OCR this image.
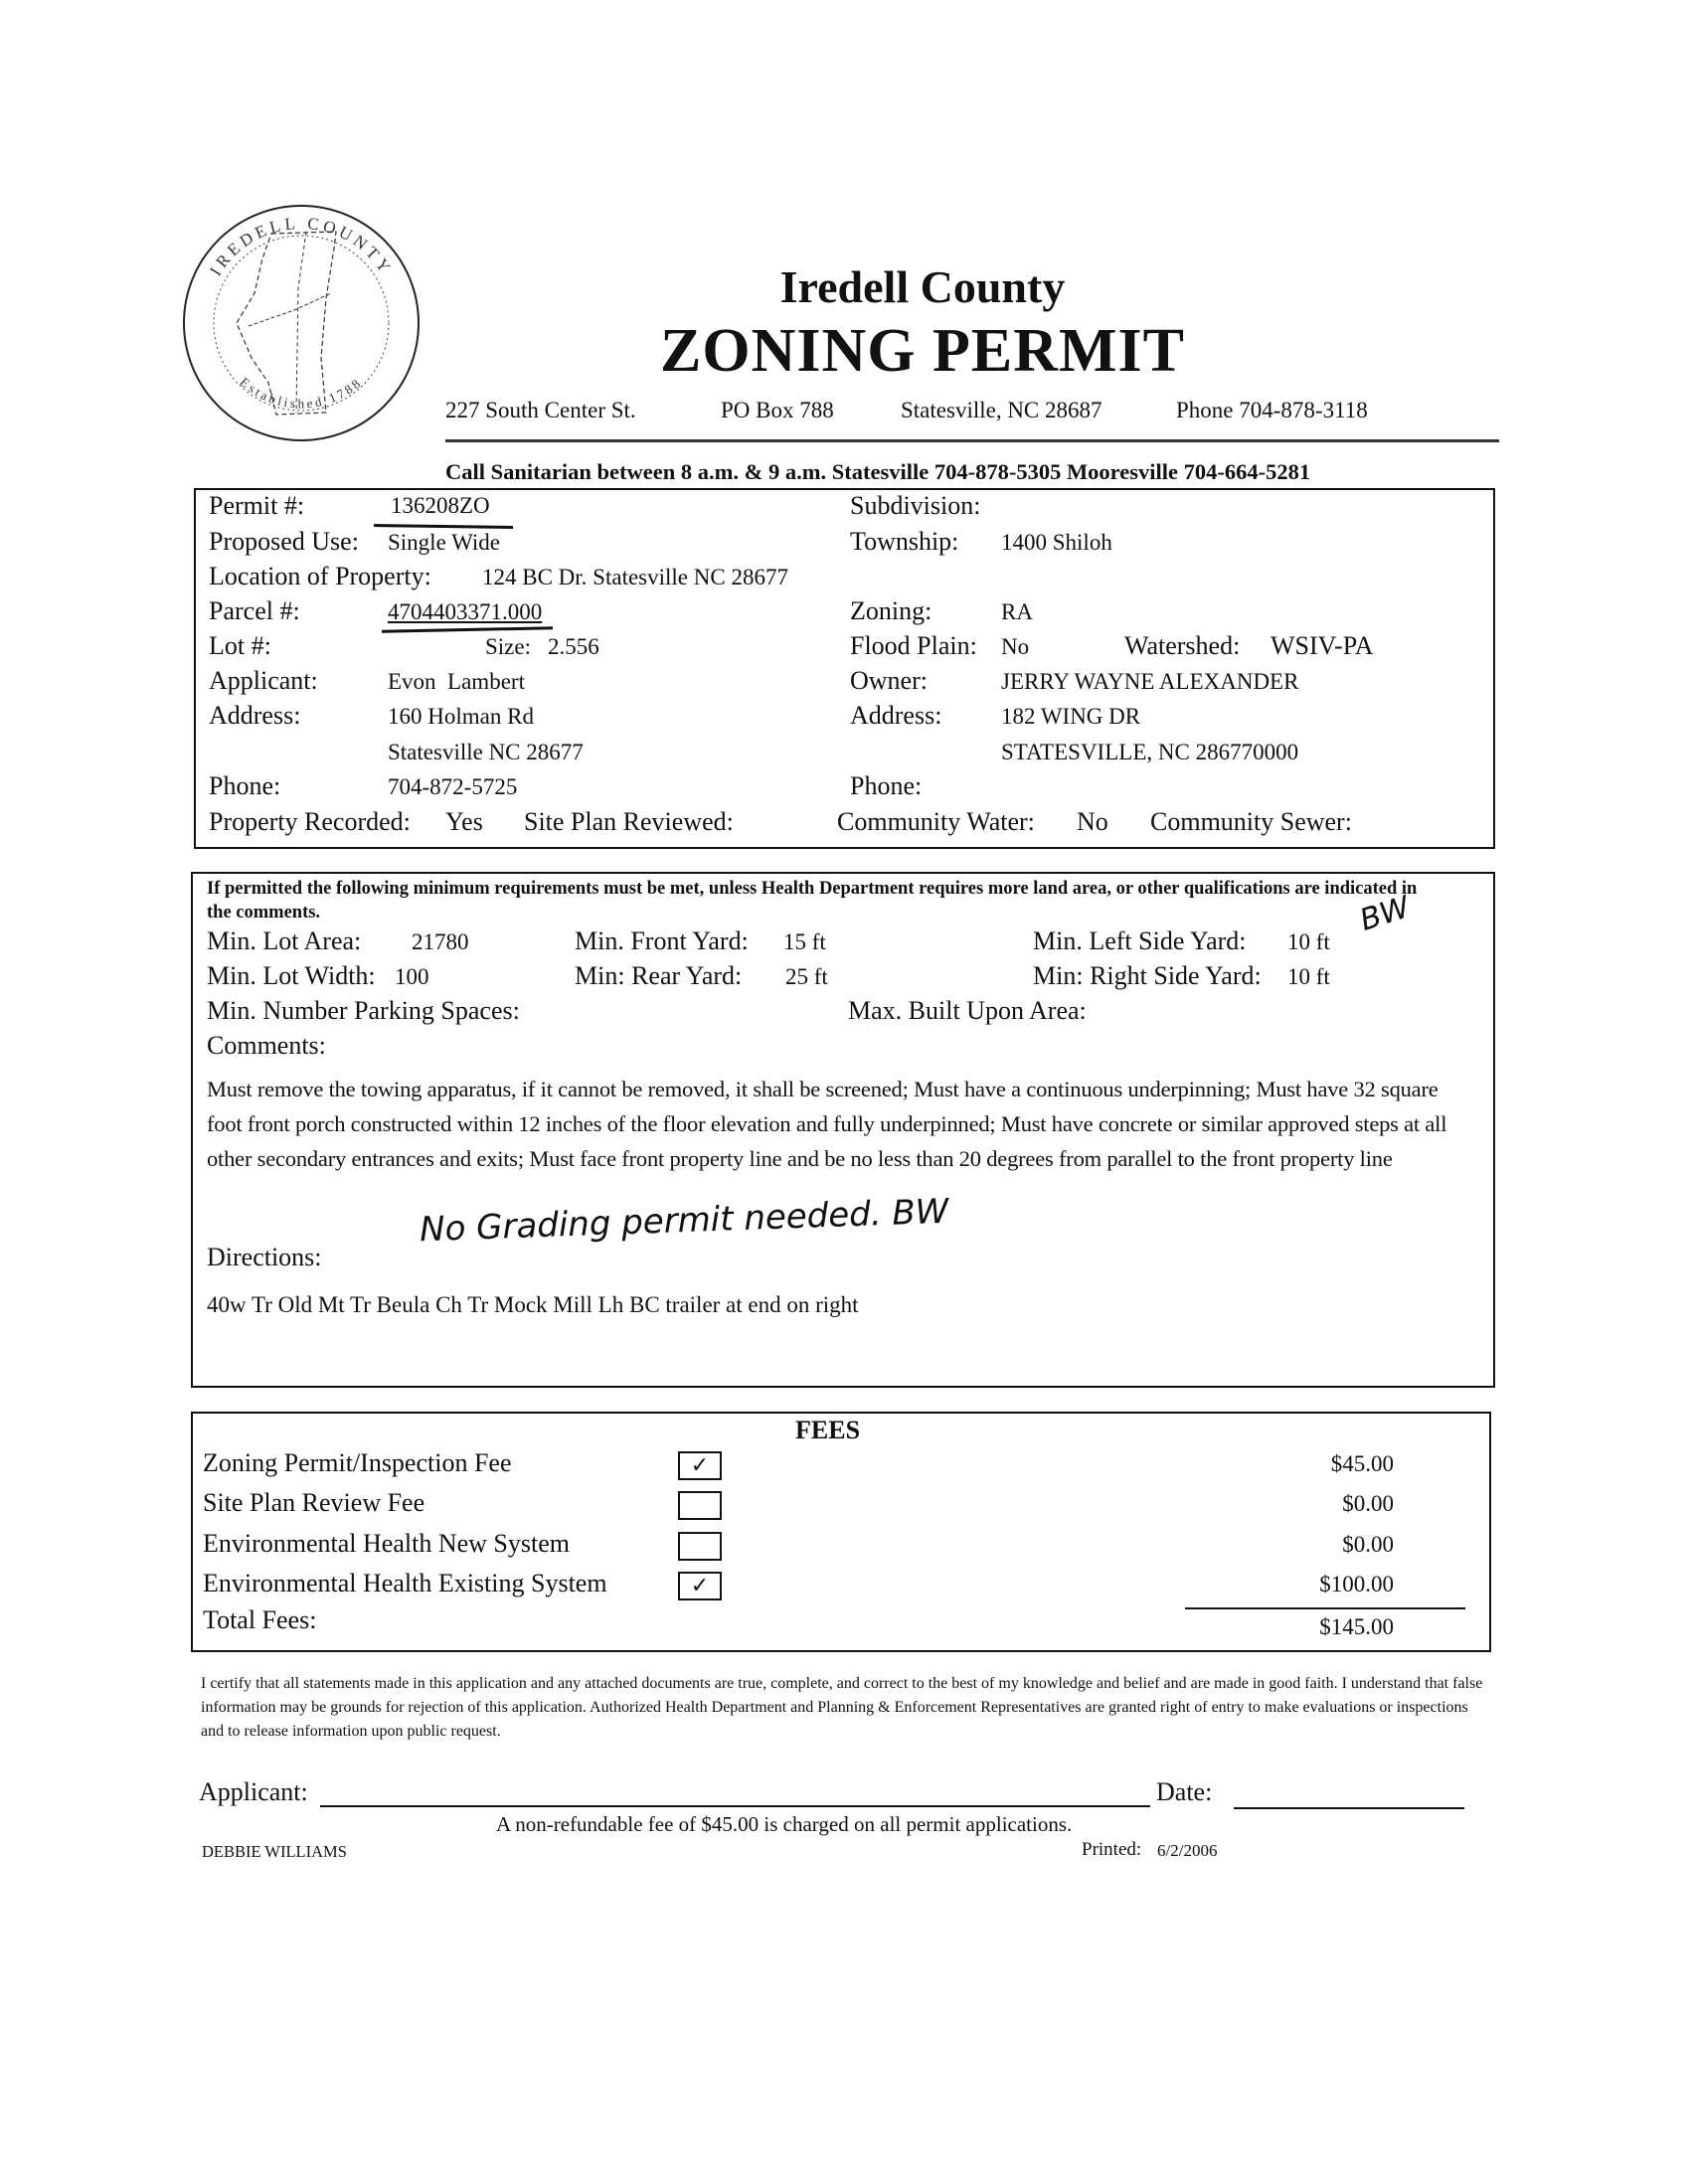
IREDELL COUNTY
Established 1788
Iredell County
ZONING PERMIT
227 South Center St.	PO Box 788	Statesville, NC 28687	Phone 704-878-3118
Call Sanitarian between 8 a.m. & 9 a.m. Statesville 704-878-5305 Mooresville 704-664-5281
Permit #:	136208ZO
Proposed Use: Single Wide
Location of Property: 124 BC Dr. Statesville NC 28677
Parcel #:	4704403371.000
Lot #:	Size: 2.556
Applicant:	Evon  Lambert
Address:	160 Holman Rd
Statesville NC 28677
Phone:	704-872-5725
Property Recorded: Yes Site Plan Reviewed:
Subdivision:
Township: 1400 Shiloh
Zoning:	RA
Flood Plain: No	Watershed: WSIV-PA
Owner:	JERRY WAYNE ALEXANDER
Address:	182 WING DR
STATESVILLE, NC 286770000
Phone:
Community Water: No Community Sewer:
If permitted the following minimum requirements must be met, unless Health Department requires more land area, or other qualifications are indicated in the comments.
Min. Lot Area: 21780	Min. Front Yard: 15 ft	Min. Left Side Yard: 10 ft
BW
Min. Lot Width: 100	Min: Rear Yard: 25 ft	Min: Right Side Yard: 10 ft
Min. Number Parking Spaces:	Max. Built Upon Area:
Comments:
Must remove the towing apparatus, if it cannot be removed, it shall be screened; Must have a continuous underpinning; Must have 32 square foot front porch constructed within 12 inches of the floor elevation and fully underpinned; Must have concrete or similar approved steps at all other secondary entrances and exits; Must face front property line and be no less than 20 degrees from parallel to the front property line
No Grading permit needed. BW
Directions:
40w Tr Old Mt Tr Beula Ch Tr Mock Mill Lh BC trailer at end on right
FEES
Zoning Permit/Inspection Fee	✓	$45.00
Site Plan Review Fee	$0.00
Environmental Health New System	$0.00
Environmental Health Existing System	✓	$100.00
Total Fees:	$145.00
I certify that all statements made in this application and any attached documents are true, complete, and correct to the best of my knowledge and belief and are made in good faith. I understand that false information may be grounds for rejection of this application. Authorized Health Department and Planning & Enforcement Representatives are granted right of entry to make evaluations or inspections and to release information upon public request.
Applicant:	Date:
A non-refundable fee of $45.00 is charged on all permit applications.
DEBBIE WILLIAMS	Printed: 6/2/2006
